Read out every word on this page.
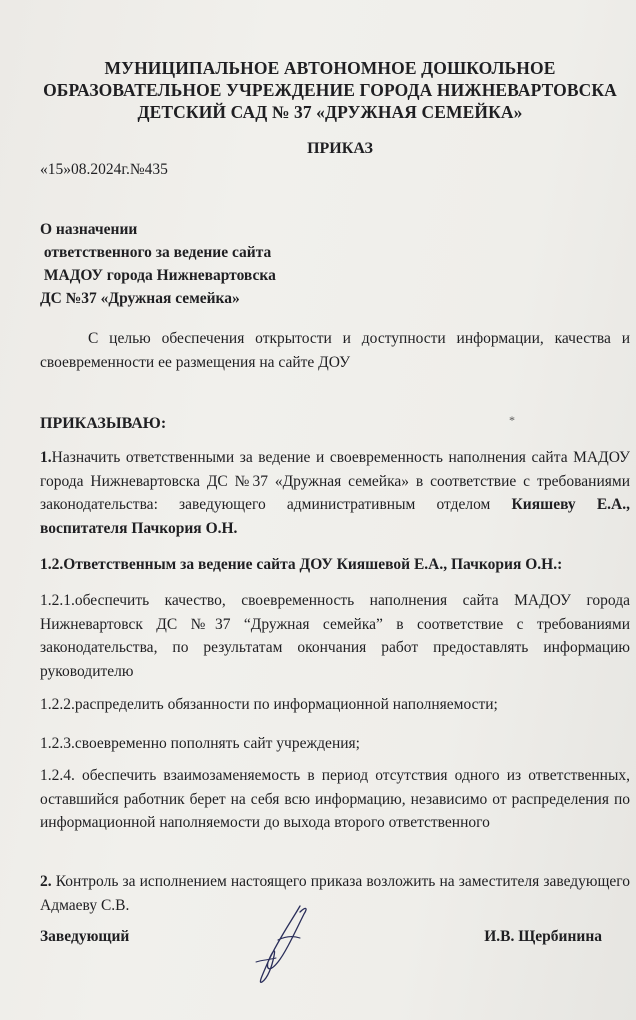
МУНИЦИПАЛЬНОЕ АВТОНОМНОЕ ДОШКОЛЬНОЕ
ОБРАЗОВАТЕЛЬНОЕ УЧРЕЖДЕНИЕ ГОРОДА НИЖНЕВАРТОВСКА
ДЕТСКИЙ САД № 37 «ДРУЖНАЯ СЕМЕЙКА»
ПРИКАЗ
«15»08.2024г.№435
О назначении
ответственного за ведение сайта
МАДОУ города Нижневартовска
ДС №37 «Дружная семейка»
С целью обеспечения открытости и доступности информации, качества и своевременности ее размещения на сайте ДОУ
ПРИКАЗЫВАЮ:	*
1.Назначить ответственными за ведение и своевременность наполнения сайта МАДОУ города Нижневартовска ДС №37 «Дружная семейка» в соответствие с требованиями законодательства: заведующего административным отделом Кияшеву Е.А., воспитателя Пачкория О.Н.
1.2.Ответственным за ведение сайта ДОУ Кияшевой Е.А., Пачкория О.Н.:
1.2.1.обеспечить качество, своевременность наполнения сайта МАДОУ города Нижневартовск ДС №37 “Дружная семейка” в соответствие с требованиями законодательства, по результатам окончания работ предоставлять информацию руководителю
1.2.2.распределить обязанности по информационной наполняемости;
1.2.3.своевременно пополнять сайт учреждения;
1.2.4. обеспечить взаимозаменяемость в период отсутствия одного из ответственных, оставшийся работник берет на себя всю информацию, независимо от распределения по информационной наполняемости до выхода второго ответственного
2. Контроль за исполнением настоящего приказа возложить на заместителя заведующего Адмаеву С.В.
Заведующий	И.В. Щербинина
